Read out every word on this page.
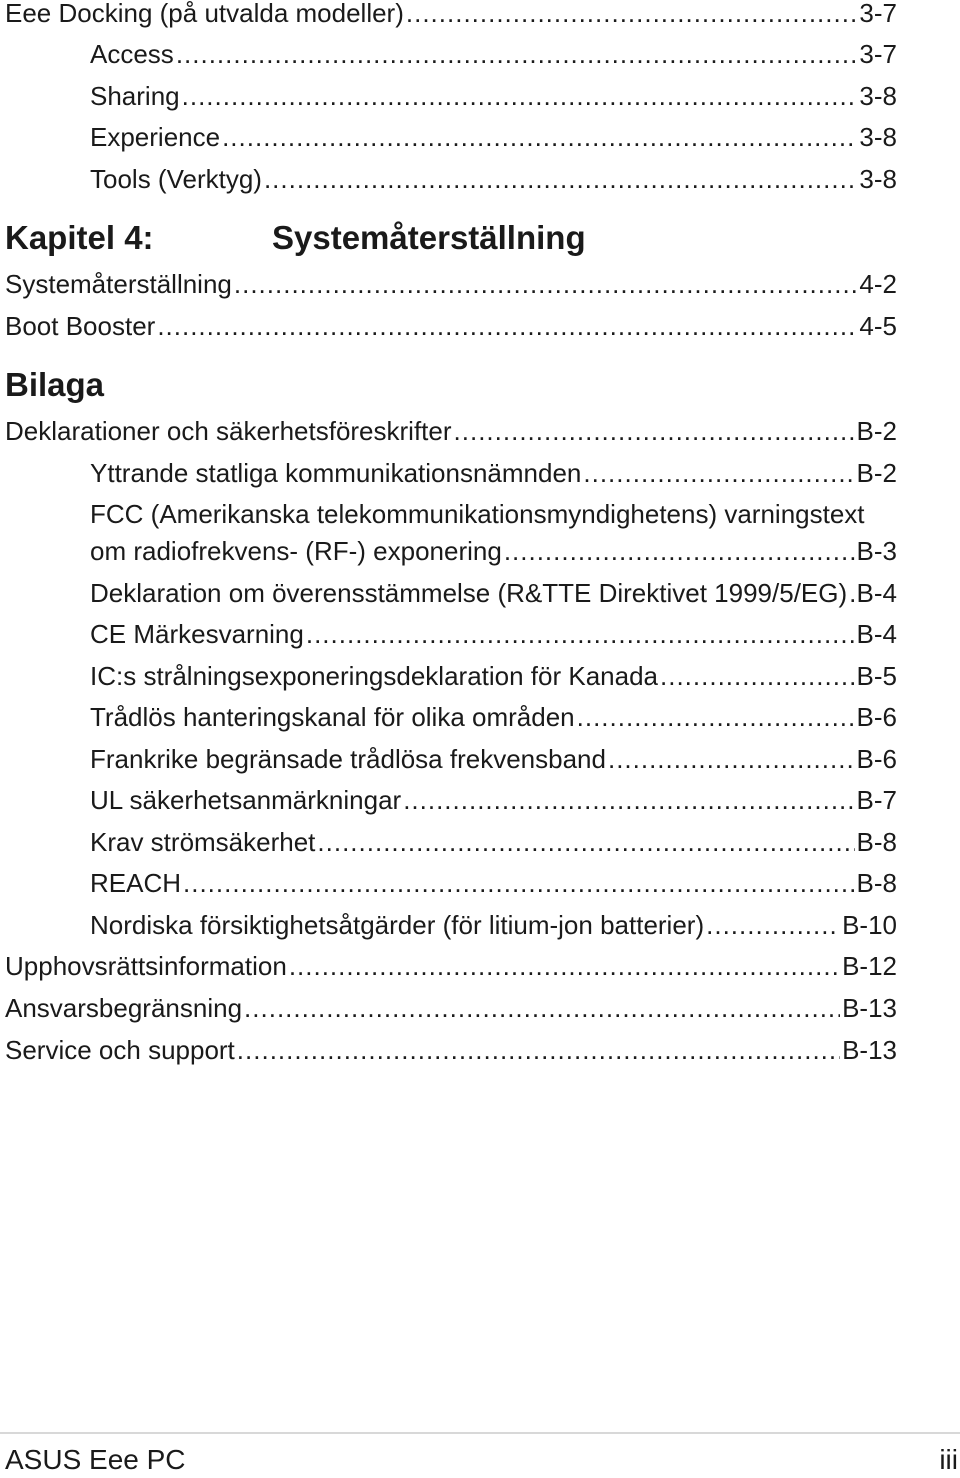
Eee Docking (på utvalda modeller) .....	3-7
Access .....	3-7
Sharing .....	3-8
Experience .....	3-8
Tools (Verktyg) .....	3-8
Kapitel 4:	Systemåterställning
Systemåterställning .....	4-2
Boot Booster .....	4-5
Bilaga
Deklarationer och säkerhetsföreskrifter .....	B-2
Yttrande statliga kommunikationsnämnden .....	B-2
FCC (Amerikanska telekommunikationsmyndighetens) varningstext
om radiofrekvens- (RF-) exponering .....	B-3
Deklaration om överensstämmelse (R&TTE Direktivet 1999/5/EG) ..... B-4
CE Märkesvarning .....	B-4
IC:s strålningsexponeringsdeklaration för Kanada .....	B-5
Trådlös hanteringskanal för olika områden .....	B-6
Frankrike begränsade trådlösa frekvensband .....	B-6
UL säkerhetsanmärkningar .....	B-7
Krav strömsäkerhet .....	B-8
REACH .....	B-8
Nordiska försiktighetsåtgärder (för litium-jon batterier) .....	B-10
Upphovsrättsinformation .....	B-12
Ansvarsbegränsning .....	B-13
Service och support .....	B-13
ASUS Eee PC	iii
